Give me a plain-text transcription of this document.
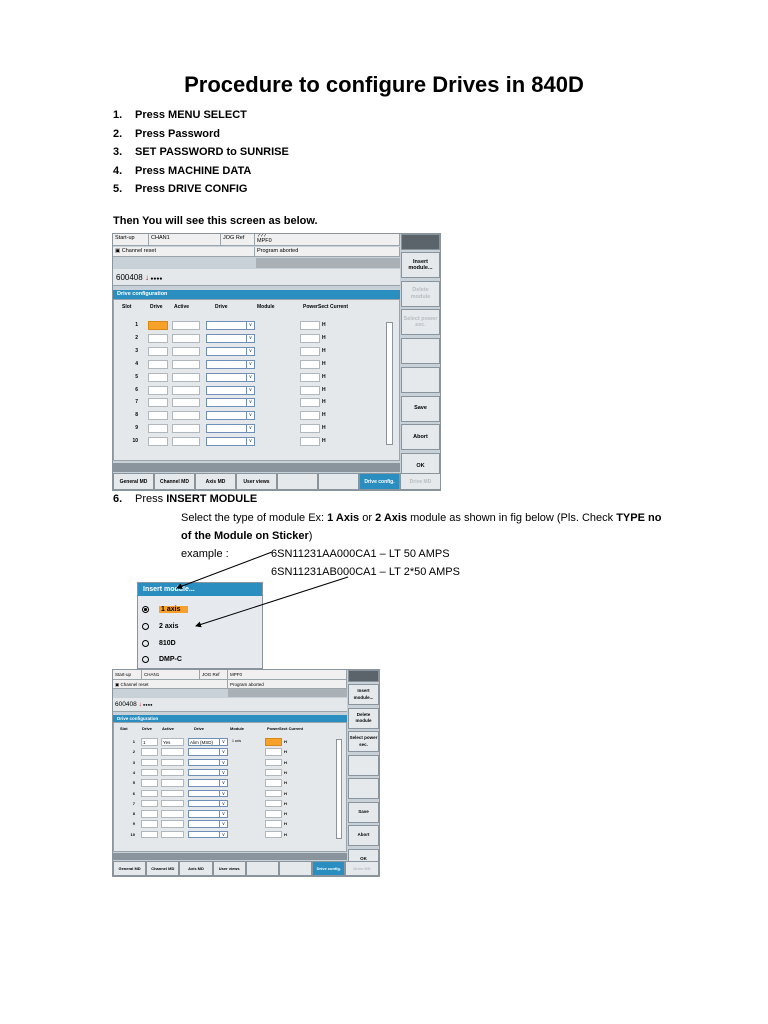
Procedure to configure Drives in 840D
1. Press MENU SELECT
2. Press Password
3. SET PASSWORD to SUNRISE
4. Press MACHINE DATA
5. Press DRIVE CONFIG
Then You will see this screen as below.
Start-up	CHAN1	JOG Ref	???
MPF0
▣ Channel reset	Program aborted
600408 ↓ ●●●●
Drive configuration
Slot	Drive Active	Drive	Module	PowerSect Current
1	∨	H
2	∨	H
3	∨	H
4	∨	H
5	∨	H
6	∨	H
7	∨	H
8	∨	H
9	∨	H
10	∨	H
Insert module...
Delete module
Select power sec.
Save
Abort
OK
General MD	Channel MD	Axis MD	User views	Drive config.	Drive MD
6. Press INSERT MODULE
Select the type of module Ex: 1 Axis or 2 Axis module as shown in fig below (Pls. Check TYPE no
of the Module on Sticker)
example :	6SN11231AA000CA1 – LT 50 AMPS
6SN11231AB000CA1 – LT 2*50 AMPS
Insert module...
1 axis
2 axis
810D
DMP-C
Start-up	CHAN1	JOG Ref	MPF0
▣ Channel reset	Program aborted
600408 ↓ ●●●●
Drive configuration
Slot	Drive Active	Drive	Module	PowerSect Current
1	1	Yes	Alim (MSD)	∨	1 axis	H
2	∨	H
3	∨	H
4	∨	H
5	∨	H
6	∨	H
7	∨	H
8	∨	H
9	∨	H
10	∨	H
Insert module...
Delete module
Select power sec.
Save
Abort
OK
General MD	Channel MD	Axis MD	User views	Drive config.	Drive MD
